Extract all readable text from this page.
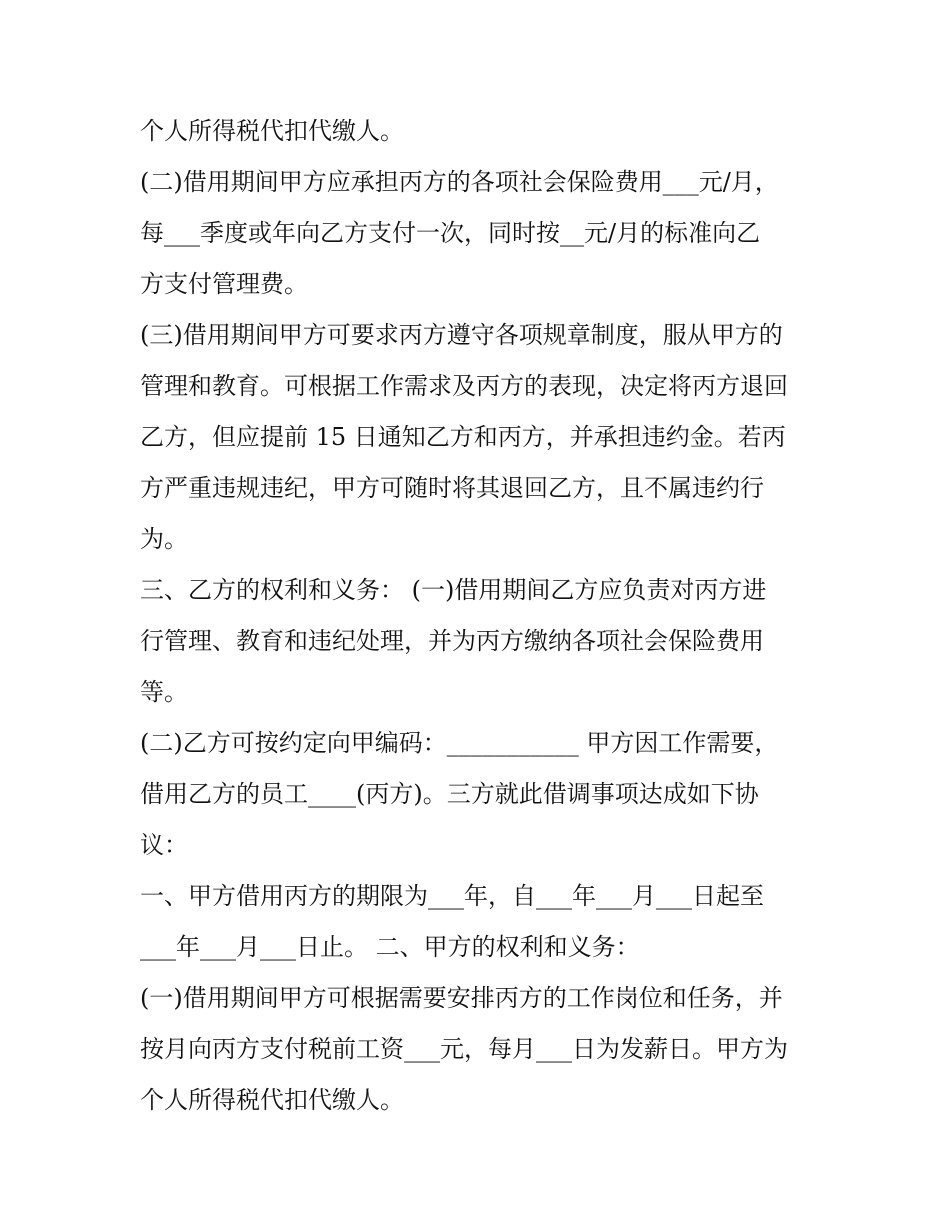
个人所得税代扣代缴人。
(二)借用期间甲方应承担丙方的各项社会保险费用___元/月，
每___季度或年向乙方支付一次，同时按__元/月的标准向乙
方支付管理费。
(三)借用期间甲方可要求丙方遵守各项规章制度，服从甲方的
管理和教育。可根据工作需求及丙方的表现，决定将丙方退回
乙方，但应提前 15 日通知乙方和丙方，并承担违约金。若丙
方严重违规违纪，甲方可随时将其退回乙方，且不属违约行
为。
三、乙方的权利和义务： (一)借用期间乙方应负责对丙方进
行管理、教育和违纪处理，并为丙方缴纳各项社会保险费用
等。
(二)乙方可按约定向甲编码：___________ 甲方因工作需要，
借用乙方的员工____(丙方)。三方就此借调事项达成如下协
议：
一、甲方借用丙方的期限为___年，自___年___月___日起至
___年___月___日止。 二、甲方的权利和义务：
(一)借用期间甲方可根据需要安排丙方的工作岗位和任务，并
按月向丙方支付税前工资___元，每月___日为发薪日。甲方为
个人所得税代扣代缴人。
